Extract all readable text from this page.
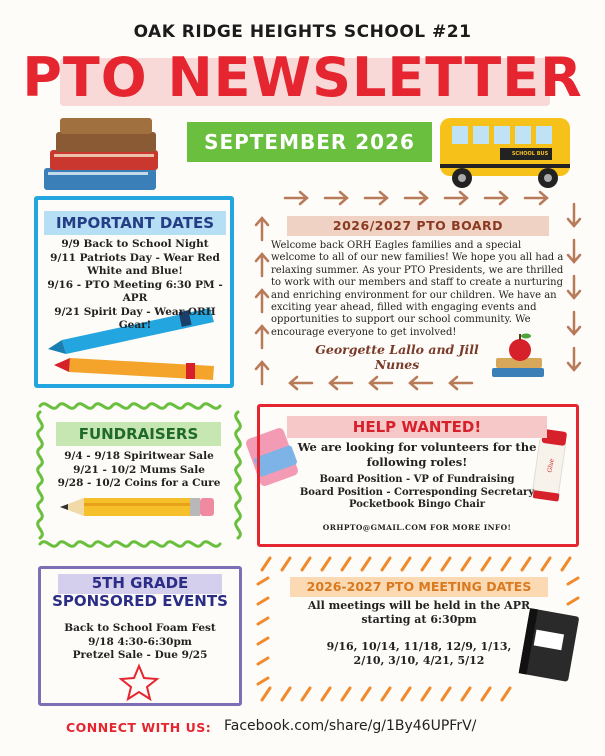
OAK RIDGE HEIGHTS SCHOOL #21
PTO NEWSLETTER
SEPTEMBER 2026	SCHOOL BUS
IMPORTANT DATES
9/9 Back to School Night
9/11 Patriots Day - Wear Red White and Blue!
9/16 - PTO Meeting 6:30 PM - APR
9/21 Spirit Day - Wear ORH Gear!
2026/2027 PTO BOARD
Welcome back ORH Eagles families and a special welcome to all of our new families! We hope you all had a relaxing summer. As your PTO Presidents, we are thrilled to work with our members and staff to create a nurturing and enriching environment for our children. We have an exciting year ahead, filled with engaging events and opportunities to support our school community. We encourage everyone to get involved!
Georgette Lallo and Jill Nunes
FUNDRAISERS
9/4 - 9/18 Spiritwear Sale
9/21 - 10/2 Mums Sale
9/28 - 10/2 Coins for a Cure
HELP WANTED!
We are looking for volunteers for the following roles!
Board Position - VP of Fundraising
Board Position - Corresponding Secretary
Pocketbook Bingo Chair
ORHPTO@GMAIL.COM FOR MORE INFO!
Glue
5TH GRADE
SPONSORED EVENTS
Back to School Foam Fest
9/18 4:30-6:30pm
Pretzel Sale - Due 9/25
2026-2027 PTO MEETING DATES
All meetings will be held in the APR starting at 6:30pm
9/16, 10/14, 11/18, 12/9, 1/13,
2/10, 3/10, 4/21, 5/12
CONNECT WITH US: Facebook.com/share/g/1By46UPFrV/
